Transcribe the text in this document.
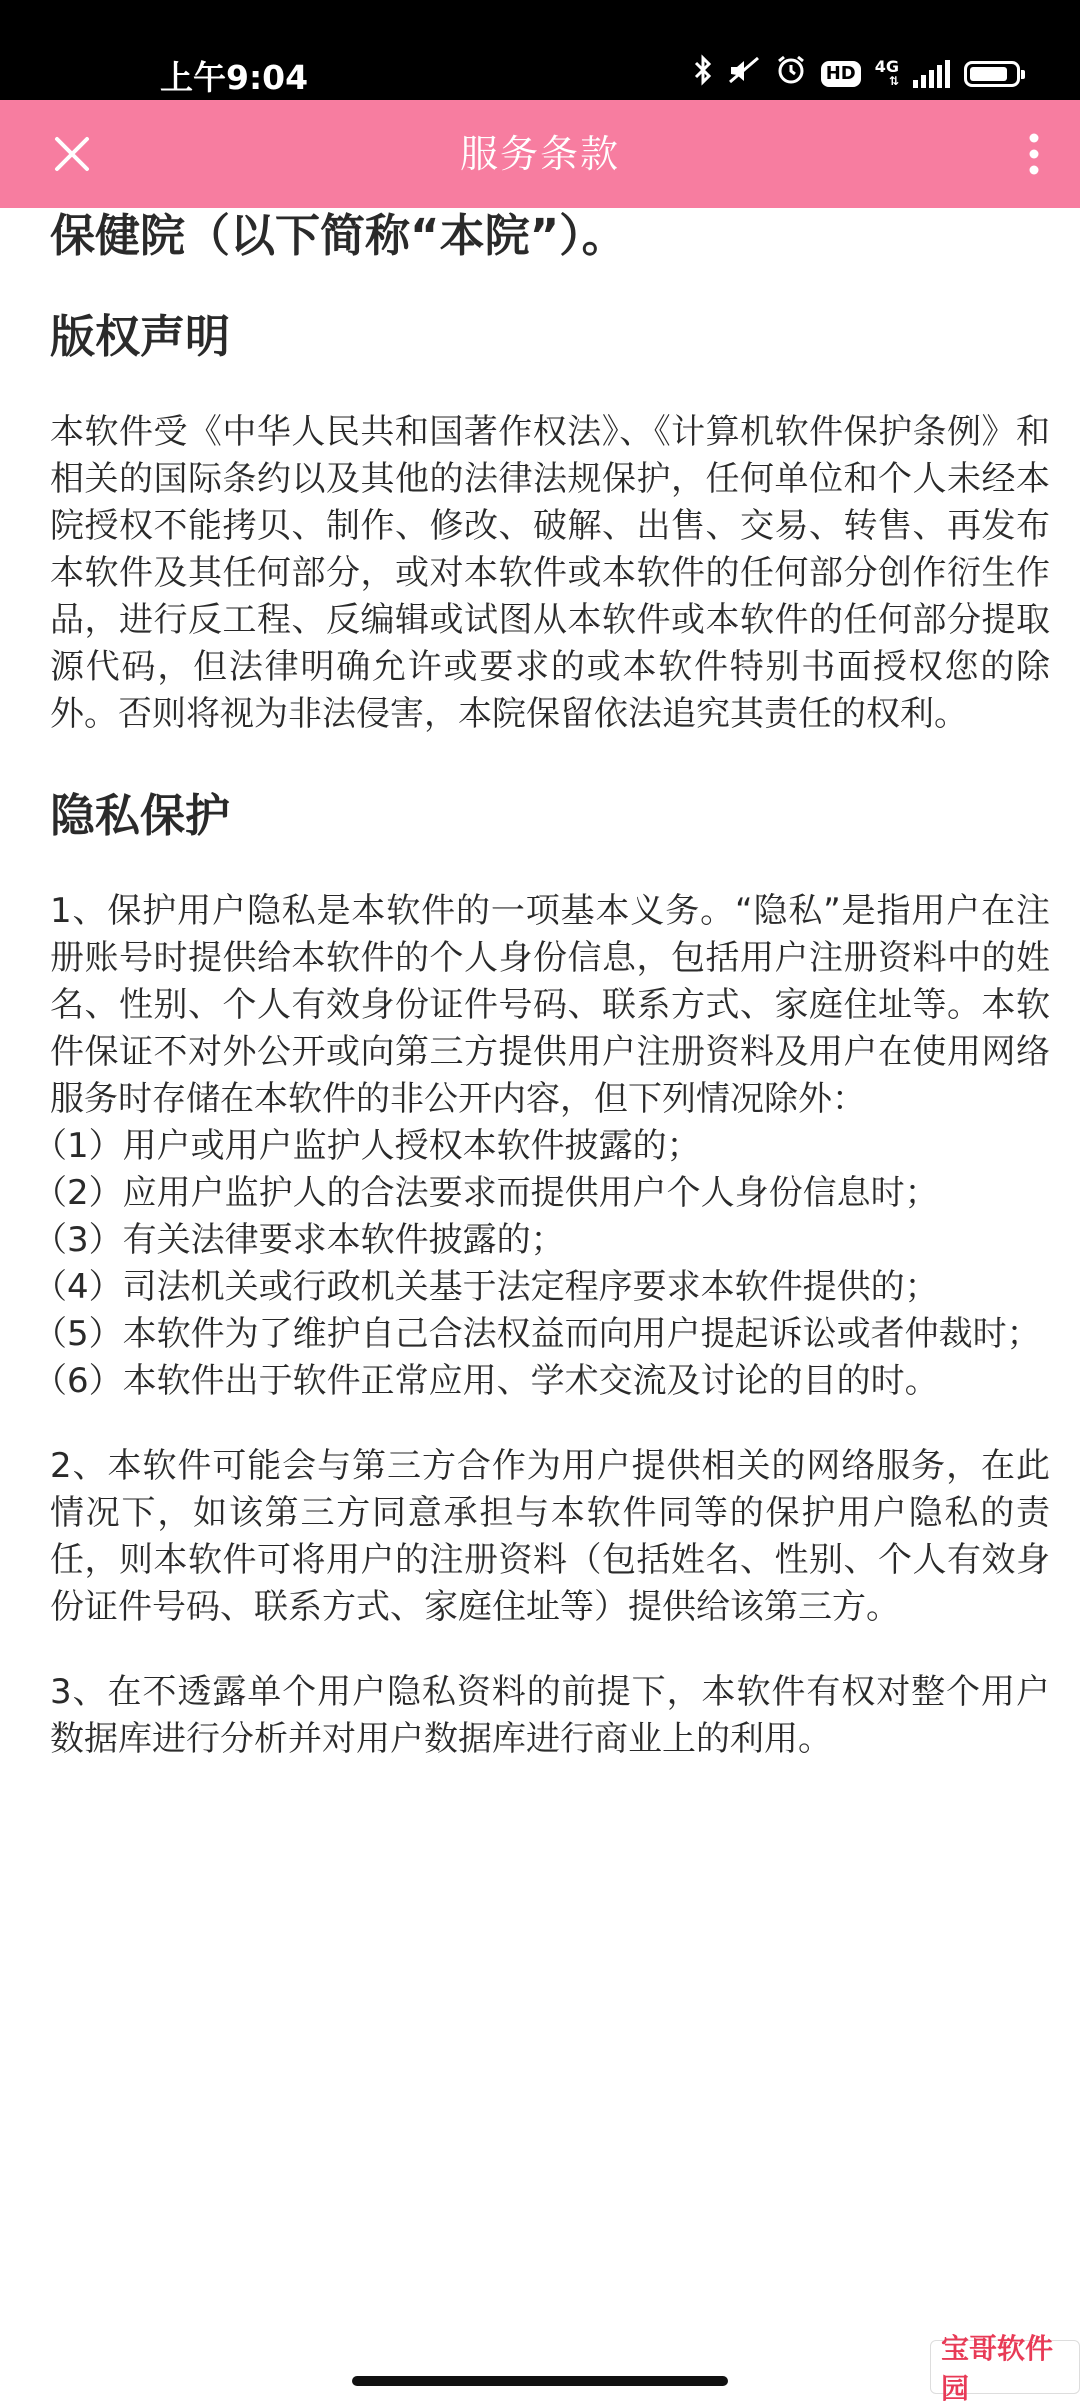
上午9:04	HD	4G
⇅
服务条款

保健院（以下简称“本院”）。

版权声明

本软件受《中华人民共和国著作权法》、《计算机软件保护条例》和相关的国际条约以及其他的法律法规保护，任何单位和个人未经本院授权不能拷贝、制作、修改、破解、出售、交易、转售、再发布本软件及其任何部分，或对本软件或本软件的任何部分创作衍生作品，进行反工程、反编辑或试图从本软件或本软件的任何部分提取源代码，但法律明确允许或要求的或本软件特别书面授权您的除外。否则将视为非法侵害，本院保留依法追究其责任的权利。

隐私保护

1、保护用户隐私是本软件的一项基本义务。“隐私”是指用户在注册账号时提供给本软件的个人身份信息，包括用户注册资料中的姓名、性别、个人有效身份证件号码、联系方式、家庭住址等。本软件保证不对外公开或向第三方提供用户注册资料及用户在使用网络服务时存储在本软件的非公开内容，但下列情况除外：

（1）用户或用户监护人授权本软件披露的；
（2）应用户监护人的合法要求而提供用户个人身份信息时；
（3）有关法律要求本软件披露的；
（4）司法机关或行政机关基于法定程序要求本软件提供的；
（5）本软件为了维护自己合法权益而向用户提起诉讼或者仲裁时；
（6）本软件出于软件正常应用、学术交流及讨论的目的时。

2、本软件可能会与第三方合作为用户提供相关的网络服务，在此情况下，如该第三方同意承担与本软件同等的保护用户隐私的责任，则本软件可将用户的注册资料（包括姓名、性别、个人有效身份证件号码、联系方式、家庭住址等）提供给该第三方。

3、在不透露单个用户隐私资料的前提下，本软件有权对整个用户数据库进行分析并对用户数据库进行商业上的利用。

宝哥软件园
